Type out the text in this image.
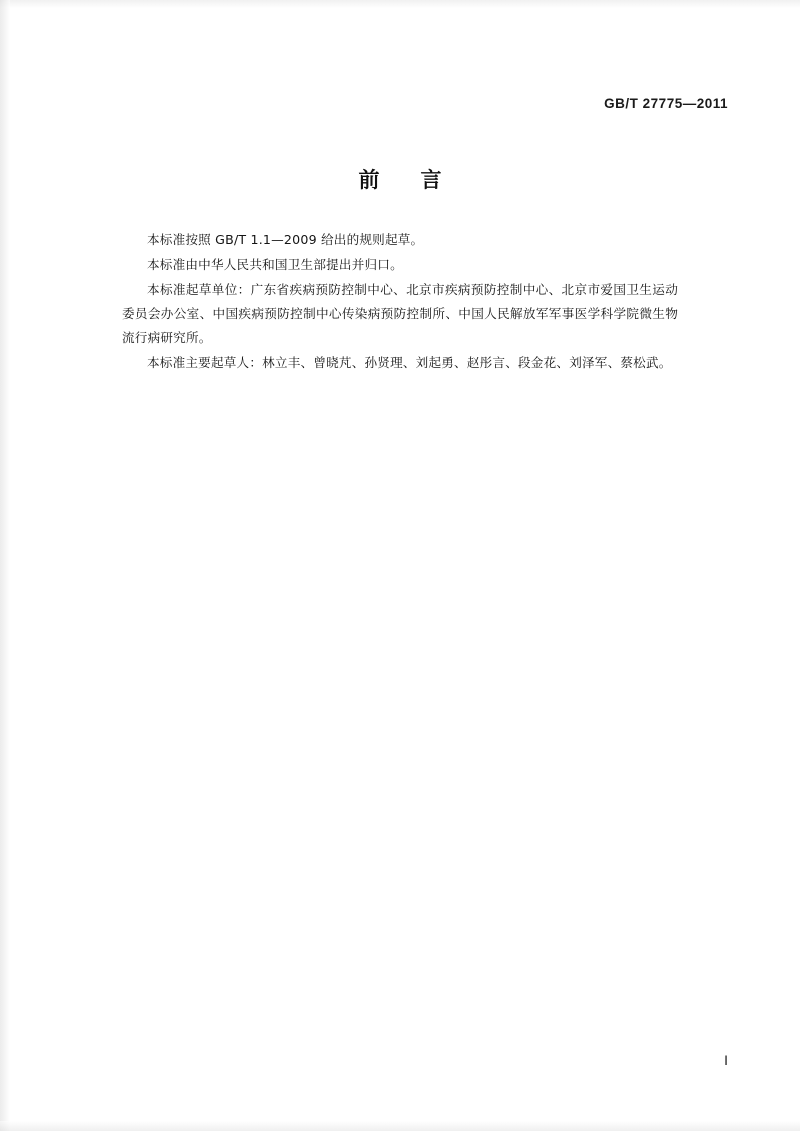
GB/T 27775—2011
前　言

本标准按照 GB/T 1.1—2009 给出的规则起草。

本标准由中华人民共和国卫生部提出并归口。

本标准起草单位：广东省疾病预防控制中心、北京市疾病预防控制中心、北京市爱国卫生运动委员会办公室、中国疾病预防控制中心传染病预防控制所、中国人民解放军军事医学科学院微生物流行病研究所。

本标准主要起草人：林立丰、曾晓芃、孙贤理、刘起勇、赵彤言、段金花、刘泽军、蔡松武。

Ⅰ
